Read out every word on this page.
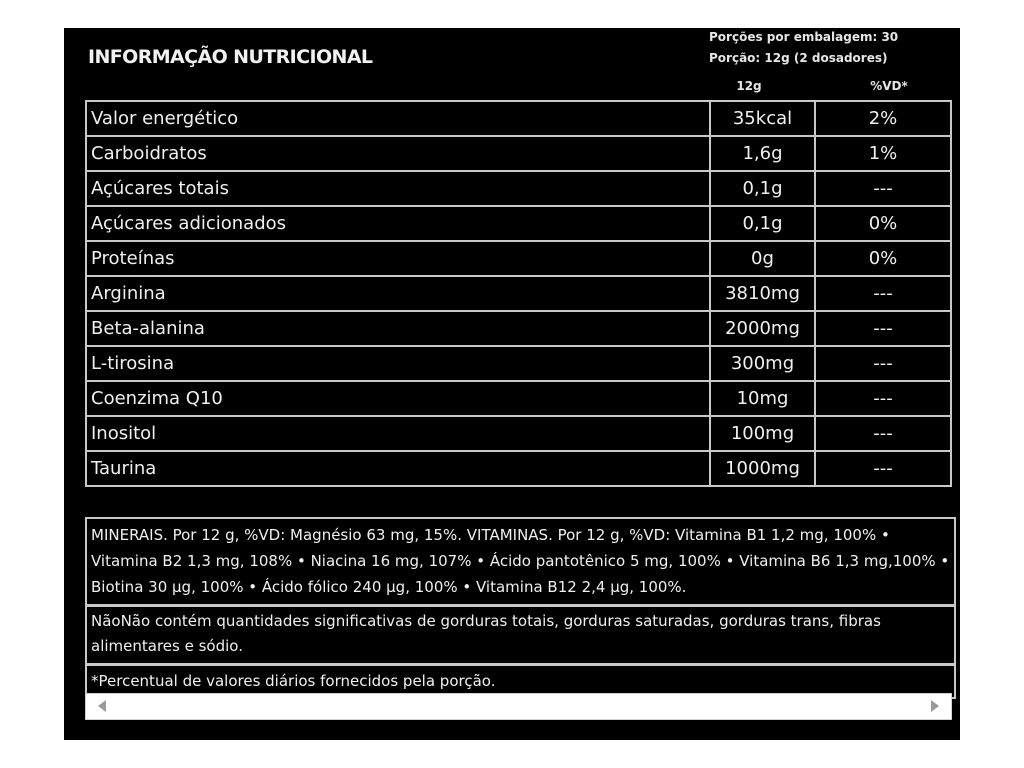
INFORMAÇÃO NUTRICIONAL
Porções por embalagem: 30
Porção: 12g (2 dosadores)
12g	%VD*
Valor energético	35kcal	2%
Carboidratos	1,6g	1%
Açúcares totais	0,1g	---
Açúcares adicionados	0,1g	0%
Proteínas	0g	0%
Arginina	3810mg	---
Beta-alanina	2000mg	---
L-tirosina	300mg	---
Coenzima Q10	10mg	---
Inositol	100mg	---
Taurina	1000mg	---
MINERAIS. Por 12 g, %VD: Magnésio 63 mg, 15%. VITAMINAS. Por 12 g, %VD: Vitamina B1 1,2 mg, 100% • Vitamina B2 1,3 mg, 108% • Niacina 16 mg, 107% • Ácido pantotênico 5 mg, 100% • Vitamina B6 1,3 mg,100% • Biotina 30 µg, 100% • Ácido fólico 240 µg, 100% • Vitamina B12 2,4 µg, 100%.
NãoNão contém quantidades significativas de gorduras totais, gorduras saturadas, gorduras trans, fibras alimentares e sódio.
*Percentual de valores diários fornecidos pela porção.
